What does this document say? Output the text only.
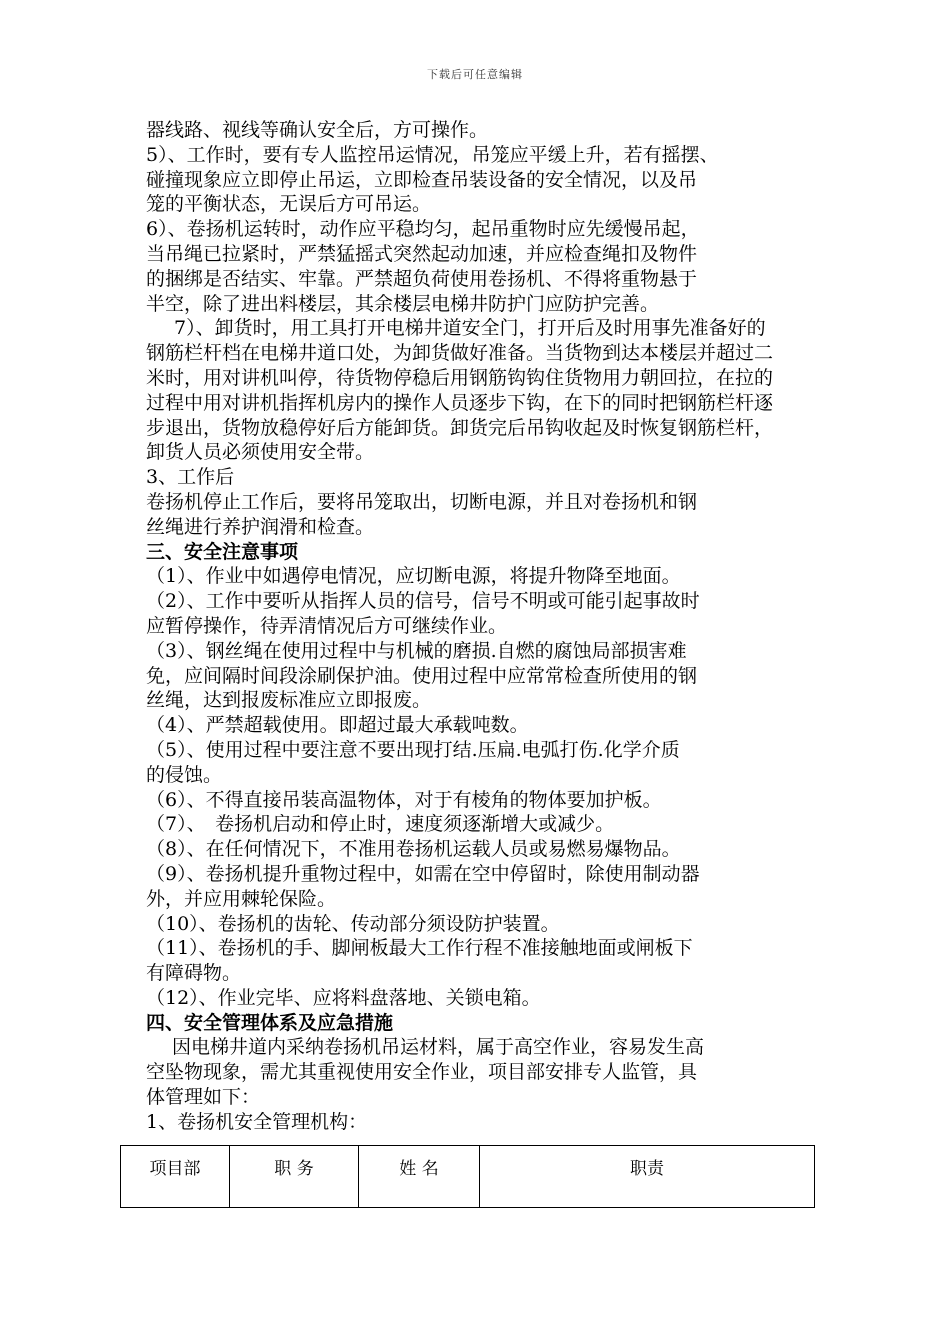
下载后可任意编辑
器线路、视线等确认安全后，方可操作。
5）、工作时，要有专人监控吊运情况，吊笼应平缓上升，若有摇摆、
碰撞现象应立即停止吊运，立即检查吊装设备的安全情况，以及吊
笼的平衡状态，无误后方可吊运。
6）、卷扬机运转时，动作应平稳均匀，起吊重物时应先缓慢吊起，
当吊绳已拉紧时，严禁猛摇式突然起动加速，并应检查绳扣及物件
的捆绑是否结实、牢靠。严禁超负荷使用卷扬机、不得将重物悬于
半空，除了进出料楼层，其余楼层电梯井防护门应防护完善。
7）、卸货时，用工具打开电梯井道安全门，打开后及时用事先准备好的
钢筋栏杆档在电梯井道口处，为卸货做好准备。当货物到达本楼层并超过二
米时，用对讲机叫停，待货物停稳后用钢筋钩钩住货物用力朝回拉，在拉的
过程中用对讲机指挥机房内的操作人员逐步下钩，在下的同时把钢筋栏杆逐
步退出，货物放稳停好后方能卸货。卸货完后吊钩收起及时恢复钢筋栏杆，
卸货人员必须使用安全带。
3、工作后
卷扬机停止工作后，要将吊笼取出，切断电源，并且对卷扬机和钢
丝绳进行养护润滑和检查。
三、安全注意事项
（1）、作业中如遇停电情况，应切断电源，将提升物降至地面。
（2）、工作中要听从指挥人员的信号，信号不明或可能引起事故时
应暂停操作，待弄清情况后方可继续作业。
（3）、钢丝绳在使用过程中与机械的磨损.自燃的腐蚀局部损害难
免，应间隔时间段涂刷保护油。使用过程中应常常检查所使用的钢
丝绳，达到报废标准应立即报废。
（4）、严禁超载使用。即超过最大承载吨数。
（5）、使用过程中要注意不要出现打结.压扁.电弧打伤.化学介质
的侵蚀。
（6）、不得直接吊装高温物体，对于有棱角的物体要加护板。
（7）、　卷扬机启动和停止时，速度须逐渐增大或减少。
（8）、在任何情况下，不准用卷扬机运载人员或易燃易爆物品。
（9）、卷扬机提升重物过程中，如需在空中停留时，除使用制动器
外，并应用棘轮保险。
（10）、卷扬机的齿轮、传动部分须设防护装置。
（11）、卷扬机的手、脚闸板最大工作行程不准接触地面或闸板下
有障碍物。
（12）、作业完毕、应将料盘落地、关锁电箱。
四、安全管理体系及应急措施
因电梯井道内采纳卷扬机吊运材料，属于高空作业，容易发生高
空坠物现象，需尤其重视使用安全作业，项目部安排专人监管，具
体管理如下：
1、卷扬机安全管理机构：
项目部	职 务	姓 名	职责
